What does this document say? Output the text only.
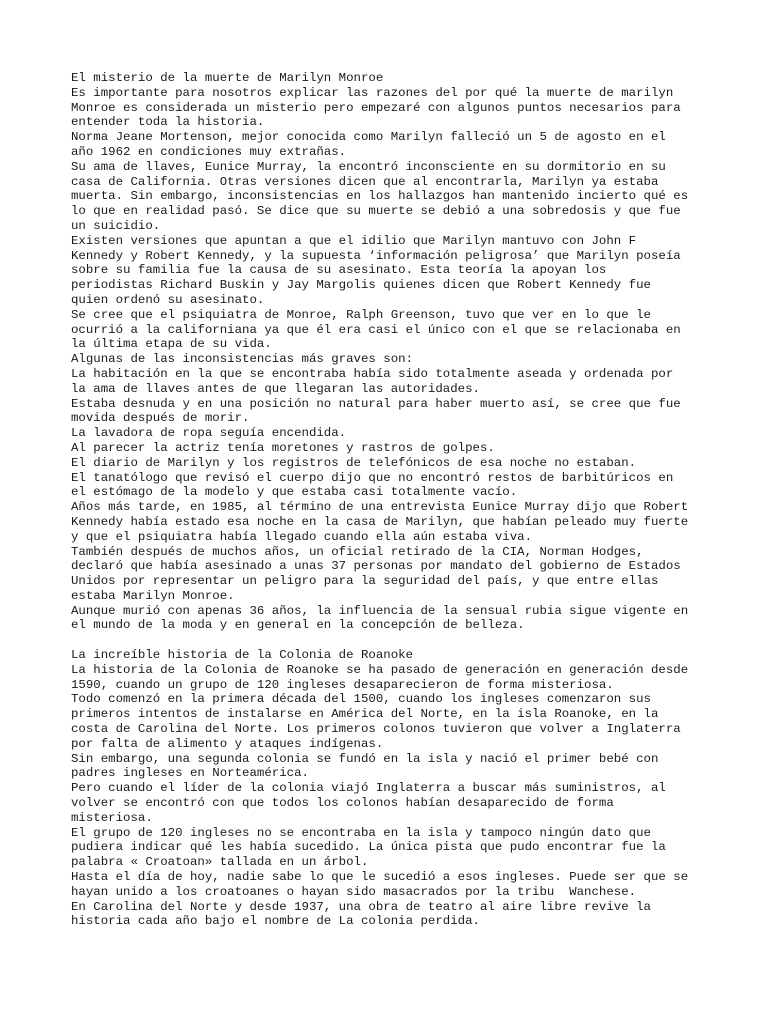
El misterio de la muerte de Marilyn Monroe
Es importante para nosotros explicar las razones del por qué la muerte de marilyn
Monroe es considerada un misterio pero empezaré con algunos puntos necesarios para
entender toda la historia.
Norma Jeane Mortenson, mejor conocida como Marilyn falleció un 5 de agosto en el
año 1962 en condiciones muy extrañas.
Su ama de llaves, Eunice Murray, la encontró inconsciente en su dormitorio en su
casa de California. Otras versiones dicen que al encontrarla, Marilyn ya estaba
muerta. Sin embargo, inconsistencias en los hallazgos han mantenido incierto qué es
lo que en realidad pasó. Se dice que su muerte se debió a una sobredosis y que fue
un suicidio.
Existen versiones que apuntan a que el idilio que Marilyn mantuvo con John F
Kennedy y Robert Kennedy, y la supuesta ‘información peligrosa’ que Marilyn poseía
sobre su familia fue la causa de su asesinato. Esta teoría la apoyan los
periodistas Richard Buskin y Jay Margolis quienes dicen que Robert Kennedy fue
quien ordenó su asesinato.
Se cree que el psiquiatra de Monroe, Ralph Greenson, tuvo que ver en lo que le
ocurrió a la californiana ya que él era casi el único con el que se relacionaba en
la última etapa de su vida.
Algunas de las inconsistencias más graves son:
La habitación en la que se encontraba había sido totalmente aseada y ordenada por
la ama de llaves antes de que llegaran las autoridades.
Estaba desnuda y en una posición no natural para haber muerto así, se cree que fue
movida después de morir.
La lavadora de ropa seguía encendida.
Al parecer la actriz tenía moretones y rastros de golpes.
El diario de Marilyn y los registros de telefónicos de esa noche no estaban.
El tanatólogo que revisó el cuerpo dijo que no encontró restos de barbitúricos en
el estómago de la modelo y que estaba casi totalmente vacío.
Años más tarde, en 1985, al término de una entrevista Eunice Murray dijo que Robert
Kennedy había estado esa noche en la casa de Marilyn, que habían peleado muy fuerte
y que el psiquiatra había llegado cuando ella aún estaba viva.
También después de muchos años, un oficial retirado de la CIA, Norman Hodges,
declaró que había asesinado a unas 37 personas por mandato del gobierno de Estados
Unidos por representar un peligro para la seguridad del país, y que entre ellas
estaba Marilyn Monroe.
Aunque murió con apenas 36 años, la influencia de la sensual rubia sigue vigente en
el mundo de la moda y en general en la concepción de belleza.
La increíble historia de la Colonia de Roanoke
La historia de la Colonia de Roanoke se ha pasado de generación en generación desde
1590, cuando un grupo de 120 ingleses desaparecieron de forma misteriosa.
Todo comenzó en la primera década del 1500, cuando los ingleses comenzaron sus
primeros intentos de instalarse en América del Norte, en la isla Roanoke, en la
costa de Carolina del Norte. Los primeros colonos tuvieron que volver a Inglaterra
por falta de alimento y ataques indígenas.
Sin embargo, una segunda colonia se fundó en la isla y nació el primer bebé con
padres ingleses en Norteamérica.
Pero cuando el líder de la colonia viajó Inglaterra a buscar más suministros, al
volver se encontró con que todos los colonos habían desaparecido de forma
misteriosa.
El grupo de 120 ingleses no se encontraba en la isla y tampoco ningún dato que
pudiera indicar qué les había sucedido. La única pista que pudo encontrar fue la
palabra « Croatoan» tallada en un árbol.
Hasta el día de hoy, nadie sabe lo que le sucedió a esos ingleses. Puede ser que se
hayan unido a los croatoanes o hayan sido masacrados por la tribu  Wanchese.
En Carolina del Norte y desde 1937, una obra de teatro al aire libre revive la
historia cada año bajo el nombre de La colonia perdida.
